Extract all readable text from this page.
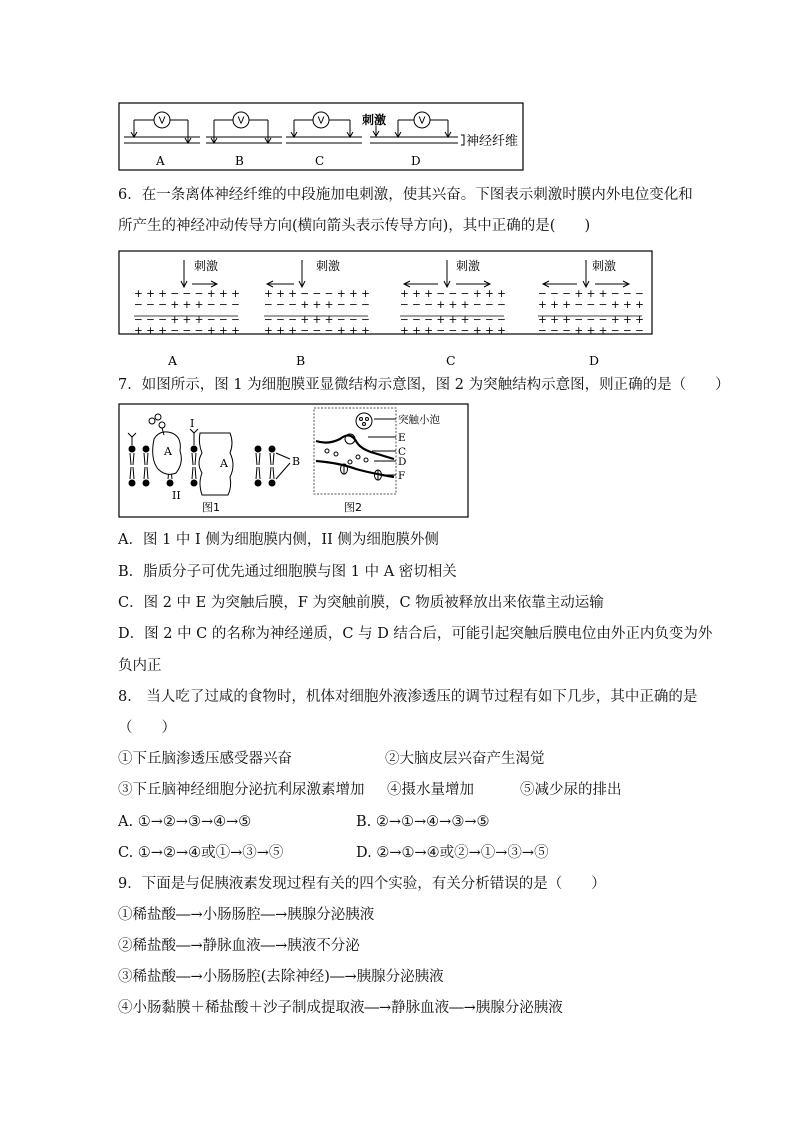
V	V	V	V
刺激
神经纤维
A	B	C	D
6．在一条离体神经纤维的中段施加电刺激，使其兴奋。下图表示刺激时膜内外电位变化和
所产生的神经冲动传导方向(横向箭头表示传导方向)，其中正确的是(　　)
刺激
+ + + − − − + + +
− − − + + + − − −
− − − + + + − − −
+ + + − − − + + +
刺激
+ + + − − − + + +
− − − + + + − − −
− − − + + + − − −
+ + + − − − + + +
刺激
+ + + − − − + + +
− − − + + + − − −
− − − + + + − − −
+ + + − − − + + +
刺激
− − − + + + − − −
+ + + − − − + + +
+ + + − − − + + +
− − − + + + − − −
A	B	C	D
7．如图所示，图 1 为细胞膜亚显微结构示意图，图 2 为突触结构示意图，则正确的是（　　）
A
A	B
I
II
图1
突触小泡
E
C
D
F
图2
A．图 1 中 I 侧为细胞膜内侧，II 侧为细胞膜外侧
B．脂质分子可优先通过细胞膜与图 1 中 A 密切相关
C．图 2 中 E 为突触后膜，F 为突触前膜，C 物质被释放出来依靠主动运输
D．图 2 中 C 的名称为神经递质，C 与 D 结合后，可能引起突触后膜电位由外正内负变为外
负内正
8． 当人吃了过咸的食物时，机体对细胞外液渗透压的调节过程有如下几步，其中正确的是
（　　）
①下丘脑渗透压感受器兴奋	②大脑皮层兴奋产生渴觉
③下丘脑神经细胞分泌抗利尿激素增加 ④摄水量增加	⑤减少尿的排出
A. ①→②→③→④→⑤	B. ②→①→④→③→⑤
C. ①→②→④或①→③→⑤	D. ②→①→④或②→①→③→⑤
9．下面是与促胰液素发现过程有关的四个实验，有关分析错误的是（　　）
①稀盐酸―→小肠肠腔―→胰腺分泌胰液
②稀盐酸―→静脉血液―→胰液不分泌
③稀盐酸―→小肠肠腔(去除神经)―→胰腺分泌胰液
④小肠黏膜＋稀盐酸＋沙子制成提取液―→静脉血液―→胰腺分泌胰液
